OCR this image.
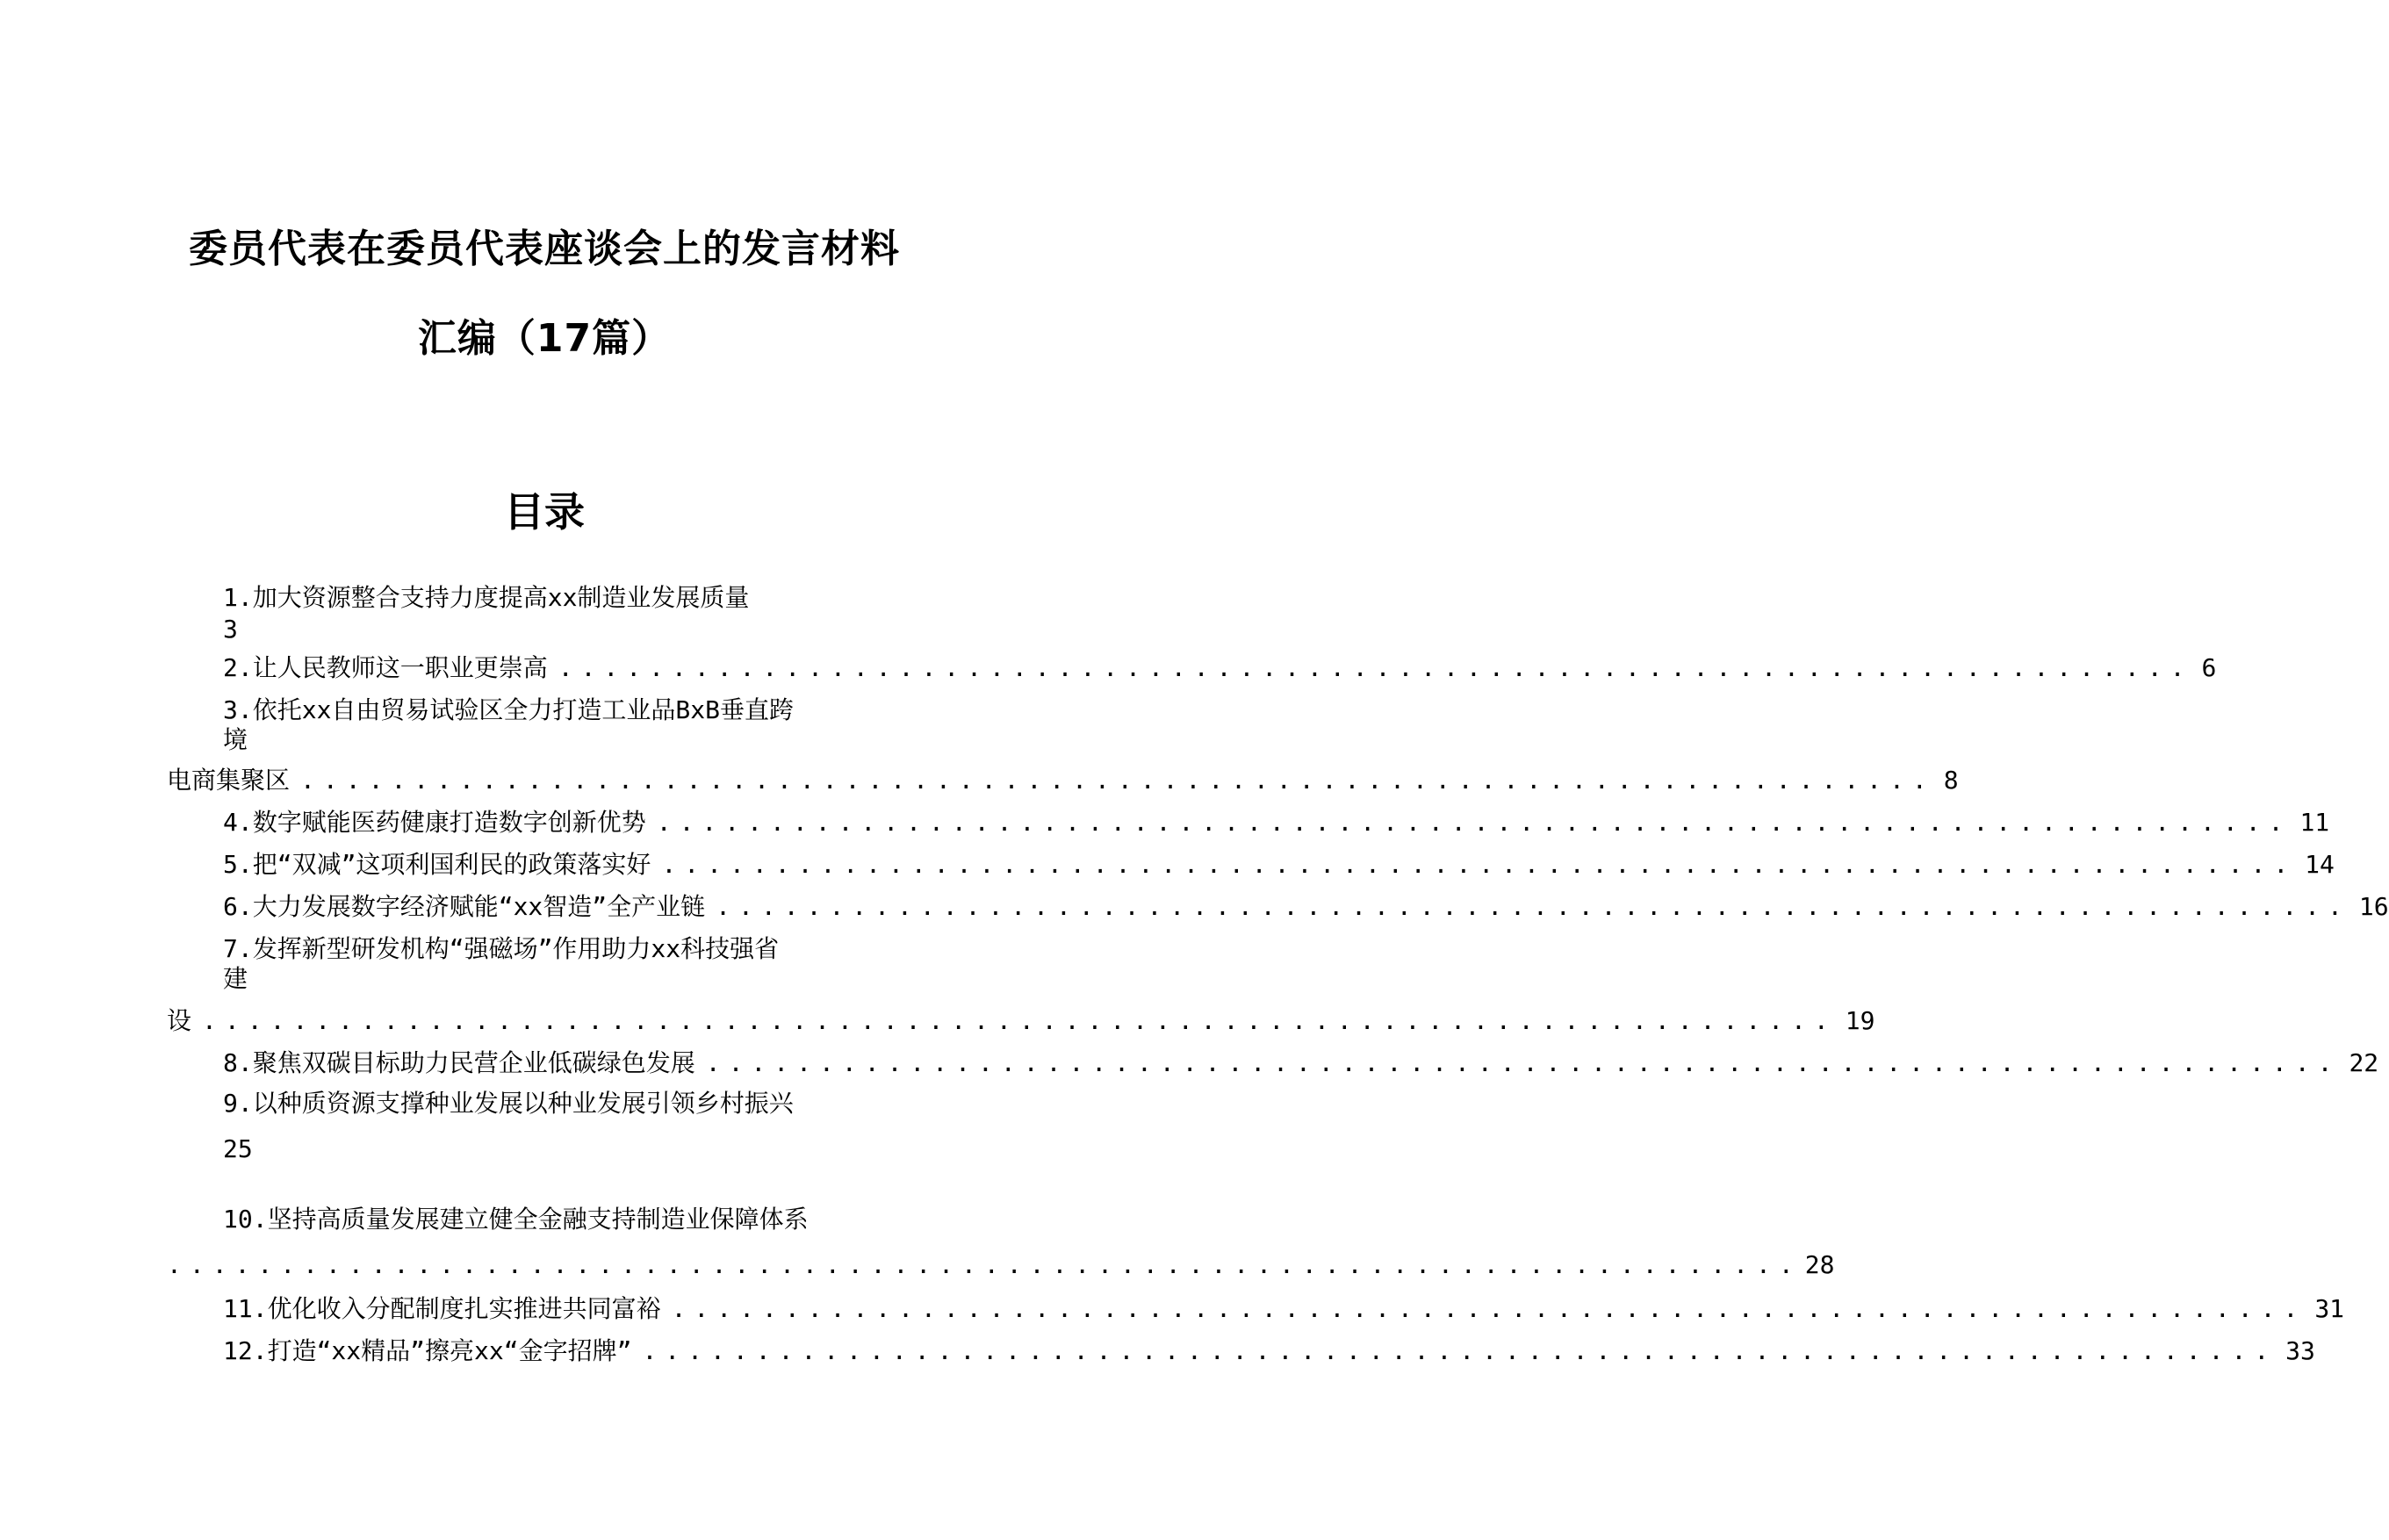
委员代表在委员代表座谈会上的发言材料
汇编（17篇）
目录
1.加大资源整合支持力度提高xx制造业发展质量
3
2.让人民教师这一职业更崇高 ........................................................................ 6
3.依托xx自由贸易试验区全力打造工业品BxB垂直跨
境
电商集聚区 ........................................................................ 8
4.数字赋能医药健康打造数字创新优势 ........................................................................ 11
5.把“双减”这项利国利民的政策落实好 ........................................................................ 14
6.大力发展数字经济赋能“xx智造”全产业链 ........................................................................ 16
7.发挥新型研发机构“强磁场”作用助力xx科技强省
建
设 ........................................................................ 19
8.聚焦双碳目标助力民营企业低碳绿色发展 ........................................................................ 22
9.以种质资源支撑种业发展以种业发展引领乡村振兴
25
10.坚持高质量发展建立健全金融支持制造业保障体系
........................................................................ 28
11.优化收入分配制度扎实推进共同富裕 ........................................................................ 31
12.打造“xx精品”擦亮xx“金字招牌” ........................................................................ 33
